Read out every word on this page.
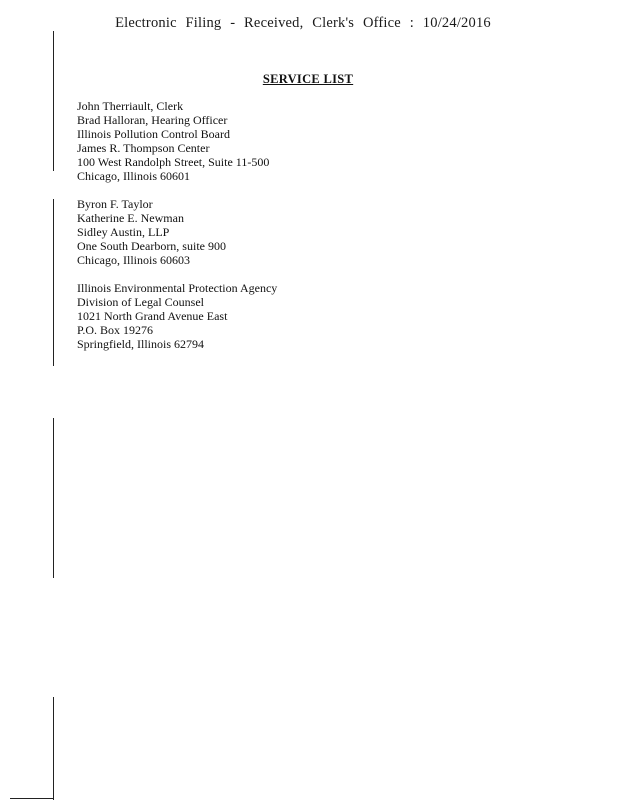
Electronic Filing - Received, Clerk's Office : 10/24/2016
SERVICE LIST
John Therriault, Clerk
Brad Halloran, Hearing Officer
Illinois Pollution Control Board
James R. Thompson Center
100 West Randolph Street, Suite 11-500
Chicago, Illinois 60601
Byron F. Taylor
Katherine E. Newman
Sidley Austin, LLP
One South Dearborn, suite 900
Chicago, Illinois 60603
Illinois Environmental Protection Agency
Division of Legal Counsel
1021 North Grand Avenue East
P.O. Box 19276
Springfield, Illinois 62794
